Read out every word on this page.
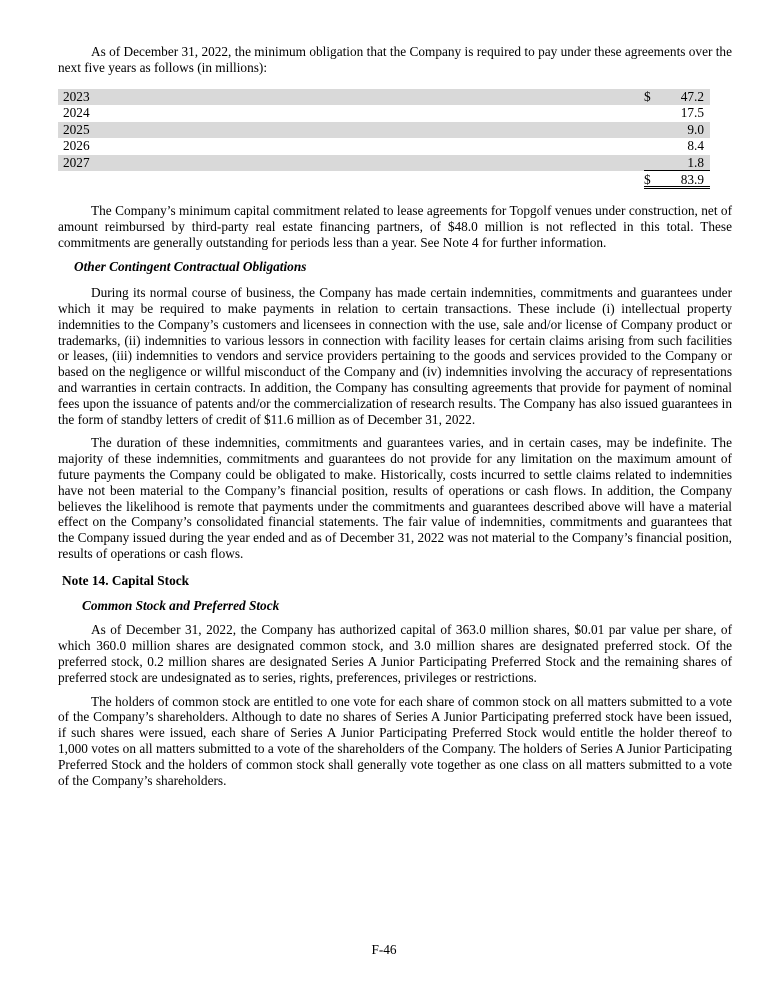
As of December 31, 2022, the minimum obligation that the Company is required to pay under these agreements over the next five years as follows (in millions):

2023	$ 47.2
2024	17.5
2025	9.0
2026	8.4
2027	1.8
$ 83.9

The Company’s minimum capital commitment related to lease agreements for Topgolf venues under construction, net of amount reimbursed by third-party real estate financing partners, of $48.0 million is not reflected in this total. These commitments are generally outstanding for periods less than a year. See Note 4 for further information.

Other Contingent Contractual Obligations

During its normal course of business, the Company has made certain indemnities, commitments and guarantees under which it may be required to make payments in relation to certain transactions. These include (i) intellectual property indemnities to the Company’s customers and licensees in connection with the use, sale and/or license of Company product or trademarks, (ii) indemnities to various lessors in connection with facility leases for certain claims arising from such facilities or leases, (iii) indemnities to vendors and service providers pertaining to the goods and services provided to the Company or based on the negligence or willful misconduct of the Company and (iv) indemnities involving the accuracy of representations and warranties in certain contracts. In addition, the Company has consulting agreements that provide for payment of nominal fees upon the issuance of patents and/or the commercialization of research results. The Company has also issued guarantees in the form of standby letters of credit of $11.6 million as of December 31, 2022.

The duration of these indemnities, commitments and guarantees varies, and in certain cases, may be indefinite. The majority of these indemnities, commitments and guarantees do not provide for any limitation on the maximum amount of future payments the Company could be obligated to make. Historically, costs incurred to settle claims related to indemnities have not been material to the Company’s financial position, results of operations or cash flows. In addition, the Company believes the likelihood is remote that payments under the commitments and guarantees described above will have a material effect on the Company’s consolidated financial statements. The fair value of indemnities, commitments and guarantees that the Company issued during the year ended and as of December 31, 2022 was not material to the Company’s financial position, results of operations or cash flows.

Note 14. Capital Stock
Common Stock and Preferred Stock

As of December 31, 2022, the Company has authorized capital of 363.0 million shares, $0.01 par value per share, of which 360.0 million shares are designated common stock, and 3.0 million shares are designated preferred stock. Of the preferred stock, 0.2 million shares are designated Series A Junior Participating Preferred Stock and the remaining shares of preferred stock are undesignated as to series, rights, preferences, privileges or restrictions.

The holders of common stock are entitled to one vote for each share of common stock on all matters submitted to a vote of the Company’s shareholders. Although to date no shares of Series A Junior Participating preferred stock have been issued, if such shares were issued, each share of Series A Junior Participating Preferred Stock would entitle the holder thereof to 1,000 votes on all matters submitted to a vote of the shareholders of the Company. The holders of Series A Junior Participating Preferred Stock and the holders of common stock shall generally vote together as one class on all matters submitted to a vote of the Company’s shareholders.

F-46
